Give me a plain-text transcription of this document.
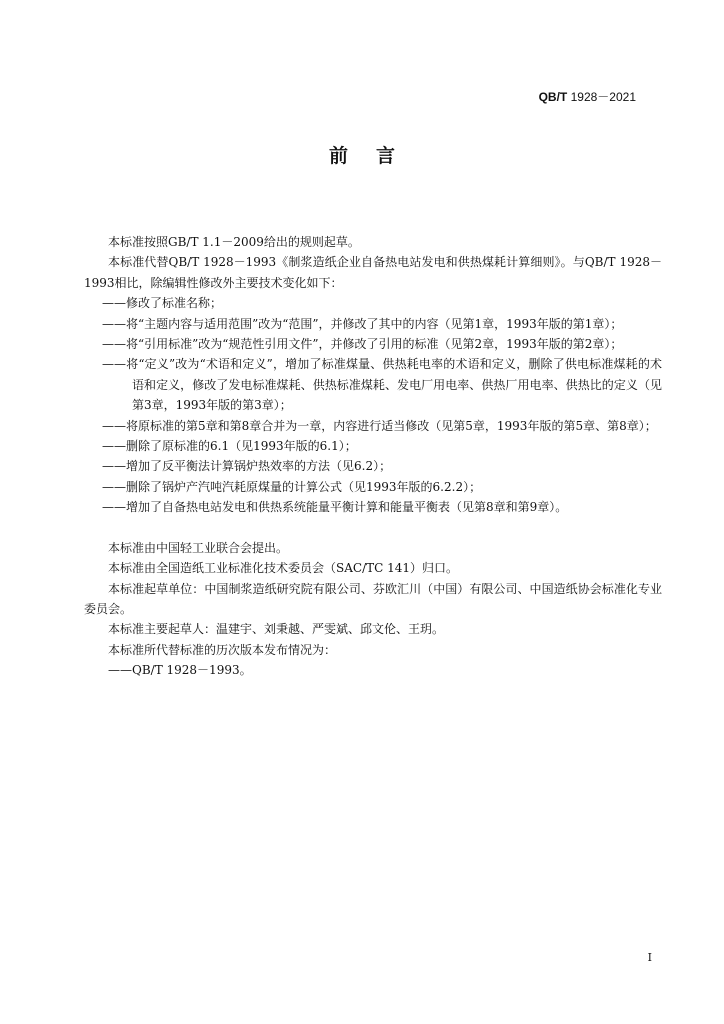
QB/T 1928－2021
前言

本标准按照GB/T 1.1－2009给出的规则起草。

本标准代替QB/T 1928－1993《制浆造纸企业自备热电站发电和供热煤耗计算细则》。与QB/T 1928－1993相比，除编辑性修改外主要技术变化如下：

——修改了标准名称；

——将“主题内容与适用范围”改为“范围”，并修改了其中的内容（见第1章，1993年版的第1章）；

——将“引用标准”改为“规范性引用文件”，并修改了引用的标准（见第2章，1993年版的第2章）；

——将“定义”改为“术语和定义”，增加了标准煤量、供热耗电率的术语和定义，删除了供电标准煤耗的术语和定义，修改了发电标准煤耗、供热标准煤耗、发电厂用电率、供热厂用电率、供热比的定义（见第3章，1993年版的第3章）；

——将原标准的第5章和第8章合并为一章，内容进行适当修改（见第5章，1993年版的第5章、第8章）；

——删除了原标准的6.1（见1993年版的6.1）；

——增加了反平衡法计算锅炉热效率的方法（见6.2）；

——删除了锅炉产汽吨汽耗原煤量的计算公式（见1993年版的6.2.2）；

——增加了自备热电站发电和供热系统能量平衡计算和能量平衡表（见第8章和第9章）。

本标准由中国轻工业联合会提出。

本标准由全国造纸工业标准化技术委员会（SAC/TC 141）归口。

本标准起草单位：中国制浆造纸研究院有限公司、芬欧汇川（中国）有限公司、中国造纸协会标准化专业委员会。

本标准主要起草人：温建宇、刘秉越、严雯斌、邱文伦、王玥。

本标准所代替标准的历次版本发布情况为：

——QB/T 1928－1993。

I
